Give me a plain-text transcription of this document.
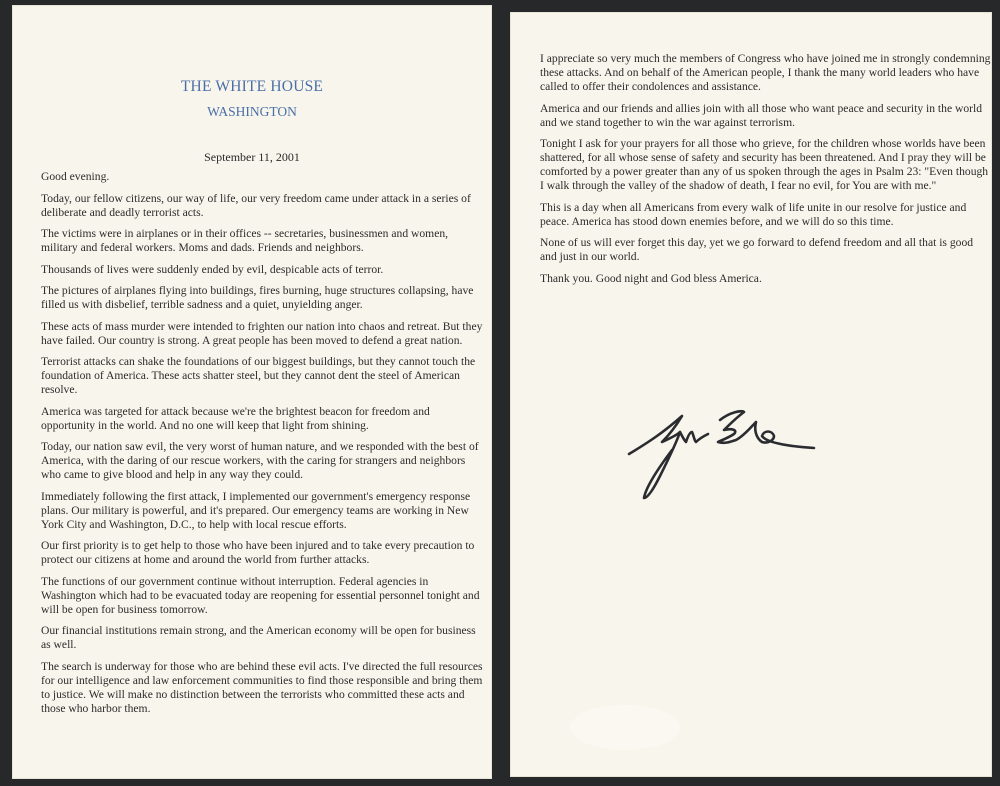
THE WHITE HOUSE
WASHINGTON
September 11, 2001

Good evening.

Today, our fellow citizens, our way of life, our very freedom came under attack in a series of deliberate and deadly terrorist acts.

The victims were in airplanes or in their offices -- secretaries, businessmen and women, military and federal workers. Moms and dads. Friends and neighbors.

Thousands of lives were suddenly ended by evil, despicable acts of terror.

The pictures of airplanes flying into buildings, fires burning, huge structures collapsing, have filled us with disbelief, terrible sadness and a quiet, unyielding anger.

These acts of mass murder were intended to frighten our nation into chaos and retreat. But they have failed. Our country is strong. A great people has been moved to defend a great nation.

Terrorist attacks can shake the foundations of our biggest buildings, but they cannot touch the foundation of America. These acts shatter steel, but they cannot dent the steel of American resolve.

America was targeted for attack because we're the brightest beacon for freedom and opportunity in the world. And no one will keep that light from shining.

Today, our nation saw evil, the very worst of human nature, and we responded with the best of America, with the daring of our rescue workers, with the caring for strangers and neighbors who came to give blood and help in any way they could.

Immediately following the first attack, I implemented our government's emergency response plans. Our military is powerful, and it's prepared. Our emergency teams are working in New York City and Washington, D.C., to help with local rescue efforts.

Our first priority is to get help to those who have been injured and to take every precaution to protect our citizens at home and around the world from further attacks.

The functions of our government continue without interruption. Federal agencies in Washington which had to be evacuated today are reopening for essential personnel tonight and will be open for business tomorrow.

Our financial institutions remain strong, and the American economy will be open for business as well.

The search is underway for those who are behind these evil acts. I've directed the full resources for our intelligence and law enforcement communities to find those responsible and bring them to justice. We will make no distinction between the terrorists who committed these acts and those who harbor them.

I appreciate so very much the members of Congress who have joined me in strongly condemning these attacks. And on behalf of the American people, I thank the many world leaders who have called to offer their condolences and assistance.

America and our friends and allies join with all those who want peace and security in the world and we stand together to win the war against terrorism.

Tonight I ask for your prayers for all those who grieve, for the children whose worlds have been shattered, for all whose sense of safety and security has been threatened. And I pray they will be comforted by a power greater than any of us spoken through the ages in Psalm 23: "Even though I walk through the valley of the shadow of death, I fear no evil, for You are with me."

This is a day when all Americans from every walk of life unite in our resolve for justice and peace. America has stood down enemies before, and we will do so this time.

None of us will ever forget this day, yet we go forward to defend freedom and all that is good and just in our world.

Thank you. Good night and God bless America.
